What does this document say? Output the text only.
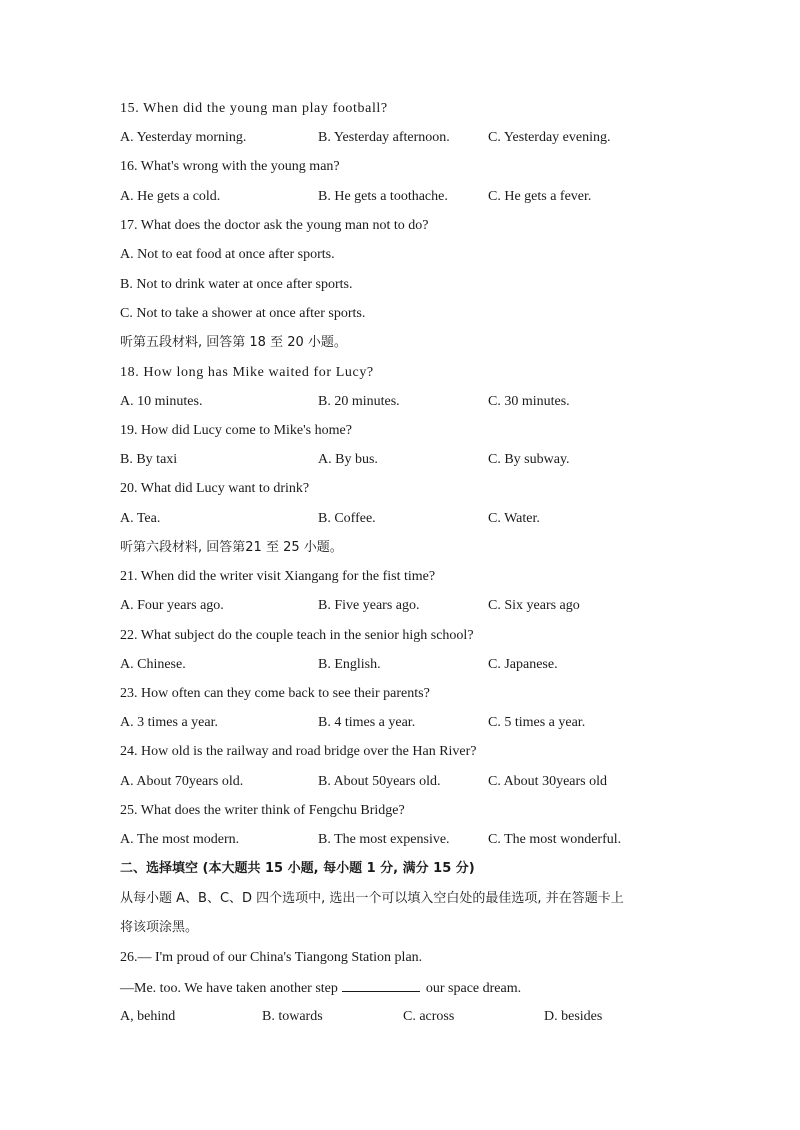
15. When did the young man play football?
A. Yesterday morning.	B. Yesterday afternoon.	C. Yesterday evening.
16. What's wrong with the young man?
A. He gets a cold.	B. He gets a toothache.	C. He gets a fever.
17. What does the doctor ask the young man not to do?
A. Not to eat food at once after sports.
B. Not to drink water at once after sports.
C. Not to take a shower at once after sports.
听第五段材料, 回答第 18 至 20 小题。
18. How long has Mike waited for Lucy?
A. 10 minutes.	B. 20 minutes.	C. 30 minutes.
19. How did Lucy come to Mike's home?
B. By taxi	A. By bus.	C. By subway.
20. What did Lucy want to drink?
A. Tea.	B. Coffee.	C. Water.
听第六段材料, 回答第21 至 25 小题。
21. When did the writer visit Xiangang for the fist time?
A. Four years ago.	B. Five years ago.	C. Six years ago
22. What subject do the couple teach in the senior high school?
A. Chinese.	B. English.	C. Japanese.
23. How often can they come back to see their parents?
A. 3 times a year.	B. 4 times a year.	C. 5 times a year.
24. How old is the railway and road bridge over the Han River?
A. About 70years old.	B. About 50years old.	C. About 30years old
25. What does the writer think of Fengchu Bridge?
A. The most modern.	B. The most expensive.	C. The most wonderful.
二、选择填空 (本大题共 15 小题, 每小题 1 分, 满分 15 分)
从每小题 A、B、C、D 四个选项中, 选出一个可以填入空白处的最佳选项, 并在答题卡上
将该项涂黑。
26.— I'm proud of our China's Tiangong Station plan.
—Me. too. We have taken another step	our space dream.
A, behind	B. towards	C. across	D. besides
